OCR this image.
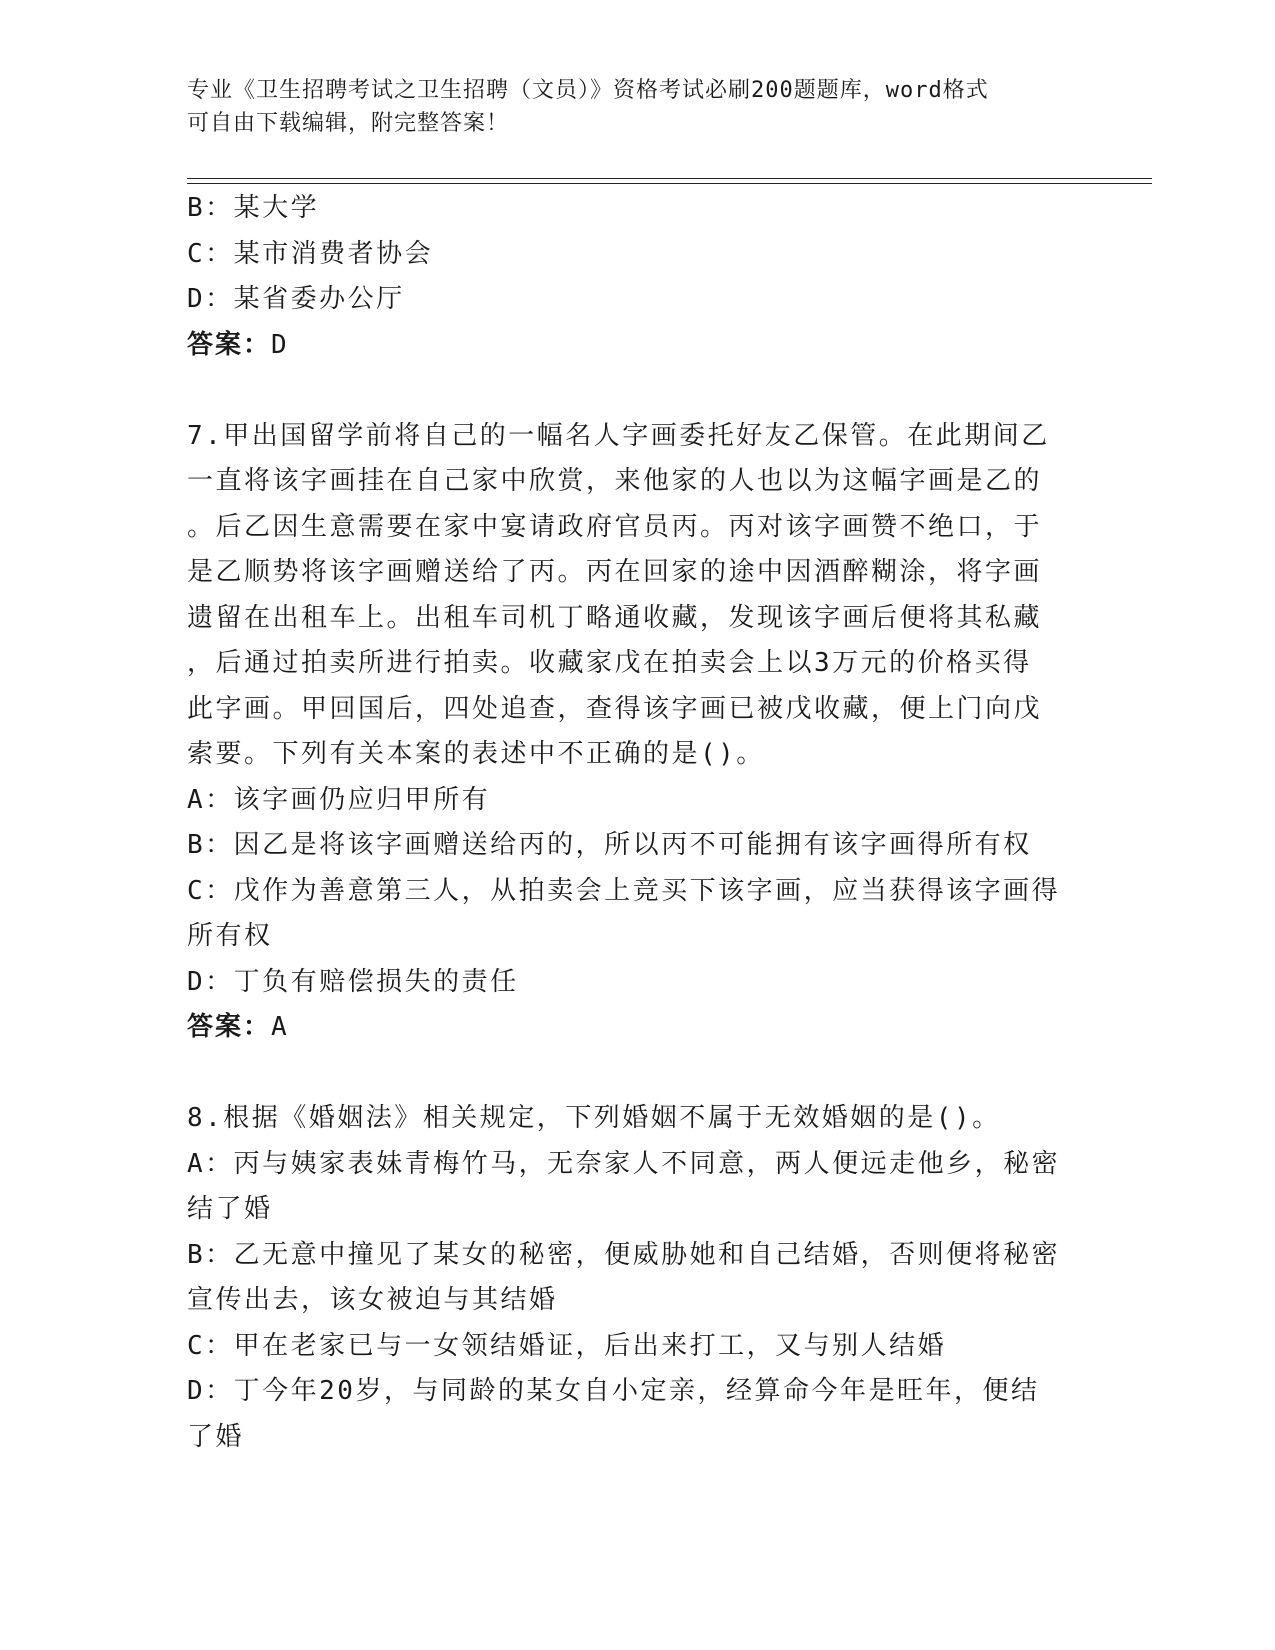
专业《卫生招聘考试之卫生招聘（文员）》资格考试必刷200题题库，word格式
可自由下载编辑，附完整答案！
B：某大学
C：某市消费者协会
D：某省委办公厅
答案：D
7.甲出国留学前将自己的一幅名人字画委托好友乙保管。在此期间乙
一直将该字画挂在自己家中欣赏，来他家的人也以为这幅字画是乙的
。后乙因生意需要在家中宴请政府官员丙。丙对该字画赞不绝口，于
是乙顺势将该字画赠送给了丙。丙在回家的途中因酒醉糊涂，将字画
遗留在出租车上。出租车司机丁略通收藏，发现该字画后便将其私藏
，后通过拍卖所进行拍卖。收藏家戊在拍卖会上以3万元的价格买得
此字画。甲回国后，四处追查，查得该字画已被戊收藏，便上门向戊
索要。下列有关本案的表述中不正确的是()。
A：该字画仍应归甲所有
B：因乙是将该字画赠送给丙的，所以丙不可能拥有该字画得所有权
C：戊作为善意第三人，从拍卖会上竞买下该字画，应当获得该字画得
所有权
D：丁负有赔偿损失的责任
答案：A
8.根据《婚姻法》相关规定，下列婚姻不属于无效婚姻的是()。
A：丙与姨家表妹青梅竹马，无奈家人不同意，两人便远走他乡，秘密
结了婚
B：乙无意中撞见了某女的秘密，便威胁她和自己结婚，否则便将秘密
宣传出去，该女被迫与其结婚
C：甲在老家已与一女领结婚证，后出来打工，又与别人结婚
D：丁今年20岁，与同龄的某女自小定亲，经算命今年是旺年，便结
了婚
